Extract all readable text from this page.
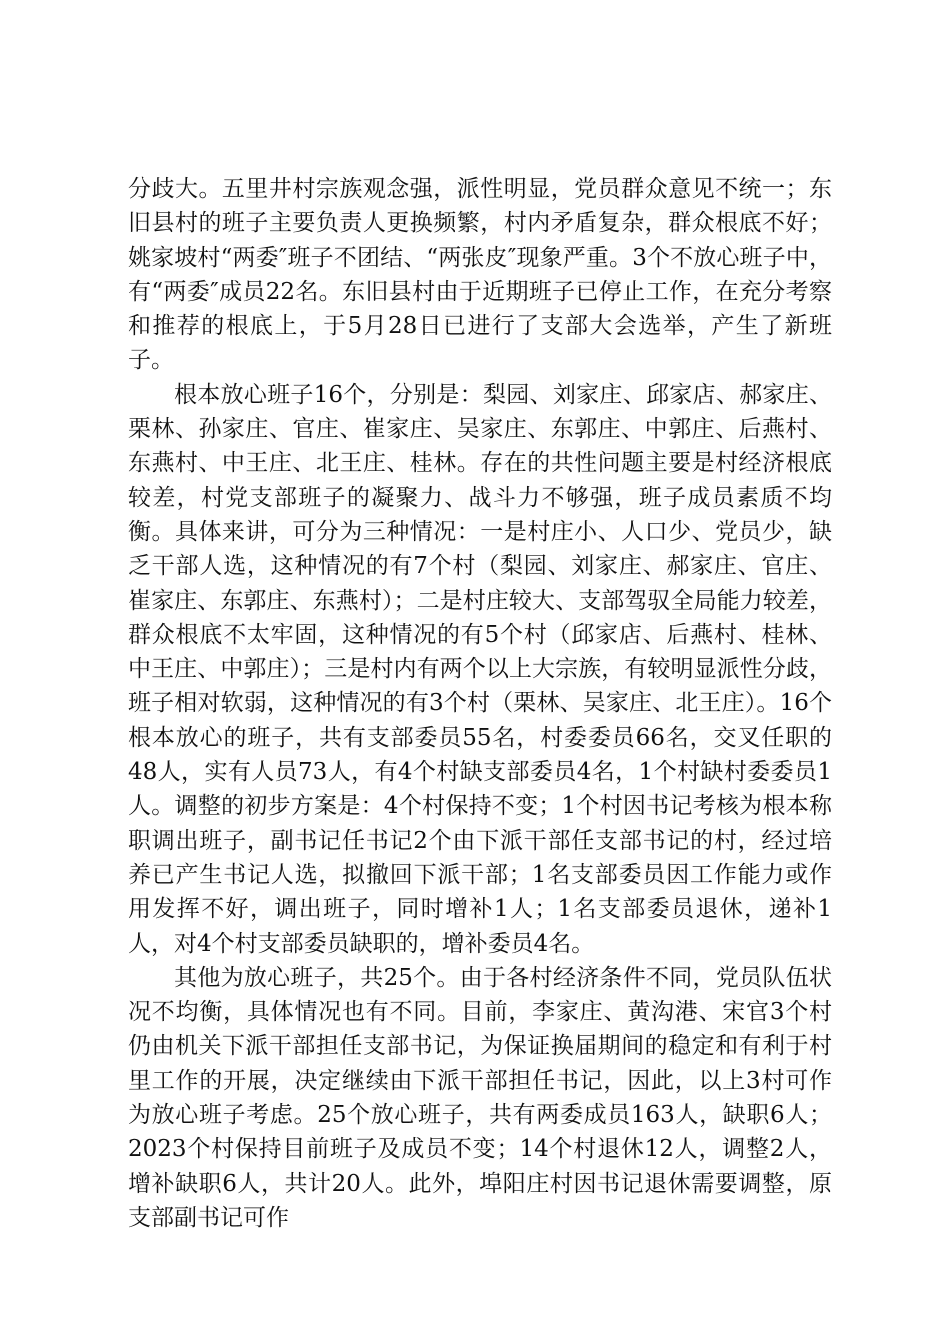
分歧大。五里井村宗族观念强，派性明显，党员群众意见不统一；东旧县村的班子主要负责人更换频繁，村内矛盾复杂，群众根底不好；姚家坡村“两委″班子不团结、“两张皮″现象严重。3个不放心班子中，有“两委″成员22名。东旧县村由于近期班子已停止工作，在充分考察和推荐的根底上，于5月28日已进行了支部大会选举，产生了新班子。

根本放心班子16个，分别是：梨园、刘家庄、邱家店、郝家庄、栗林、孙家庄、官庄、崔家庄、吴家庄、东郭庄、中郭庄、后燕村、东燕村、中王庄、北王庄、桂林。存在的共性问题主要是村经济根底较差，村党支部班子的凝聚力、战斗力不够强，班子成员素质不均衡。具体来讲，可分为三种情况：一是村庄小、人口少、党员少，缺乏干部人选，这种情况的有7个村（梨园、刘家庄、郝家庄、官庄、崔家庄、东郭庄、东燕村）；二是村庄较大、支部驾驭全局能力较差，群众根底不太牢固，这种情况的有5个村（邱家店、后燕村、桂林、中王庄、中郭庄）；三是村内有两个以上大宗族，有较明显派性分歧，班子相对软弱，这种情况的有3个村（栗林、吴家庄、北王庄）。16个根本放心的班子，共有支部委员55名，村委委员66名，交叉任职的48人，实有人员73人，有4个村缺支部委员4名，1个村缺村委委员1人。调整的初步方案是：4个村保持不变；1个村因书记考核为根本称职调出班子，副书记任书记2个由下派干部任支部书记的村，经过培养已产生书记人选，拟撤回下派干部；1名支部委员因工作能力或作用发挥不好，调出班子，同时增补1人；1名支部委员退休，递补1人，对4个村支部委员缺职的，增补委员4名。

其他为放心班子，共25个。由于各村经济条件不同，党员队伍状况不均衡，具体情况也有不同。目前，李家庄、黄沟港、宋官3个村仍由机关下派干部担任支部书记，为保证换届期间的稳定和有利于村里工作的开展，决定继续由下派干部担任书记，因此，以上3村可作为放心班子考虑。25个放心班子，共有两委成员163人，缺职6人；2023个村保持目前班子及成员不变；14个村退休12人，调整2人，增补缺职6人，共计20人。此外，埠阳庄村因书记退休需要调整，原支部副书记可作
